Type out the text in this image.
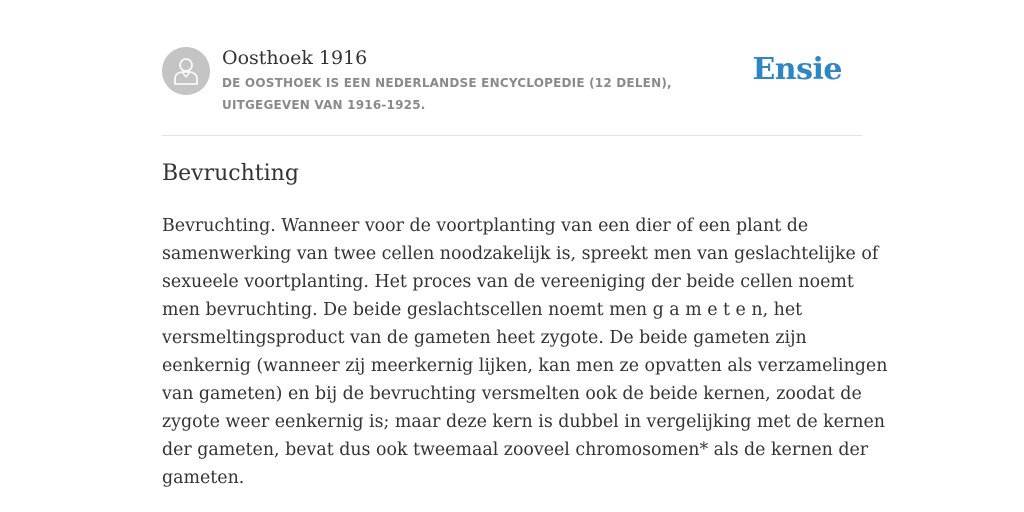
Oosthoek 1916

DE OOSTHOEK IS EEN NEDERLANDSE ENCYCLOPEDIE (12 DELEN), UITGEGEVEN VAN 1916-1925.

Ensie
Bevruchting
Bevruchting. Wanneer voor de voortplanting van een dier of een plant de
samenwerking van twee cellen noodzakelijk is, spreekt men van geslachtelijke of
sexueele voortplanting. Het proces van de vereeniging der beide cellen noemt
men bevruchting. De beide geslachtscellen noemt men g a m e t e n, het
versmeltingsproduct van de gameten heet zygote. De beide gameten zijn
eenkernig (wanneer zij meerkernig lijken, kan men ze opvatten als verzamelingen
van gameten) en bij de bevruchting versmelten ook de beide kernen, zoodat de
zygote weer eenkernig is; maar deze kern is dubbel in vergelijking met de kernen
der gameten, bevat dus ook tweemaal zooveel chromosomen* als de kernen der
gameten.
